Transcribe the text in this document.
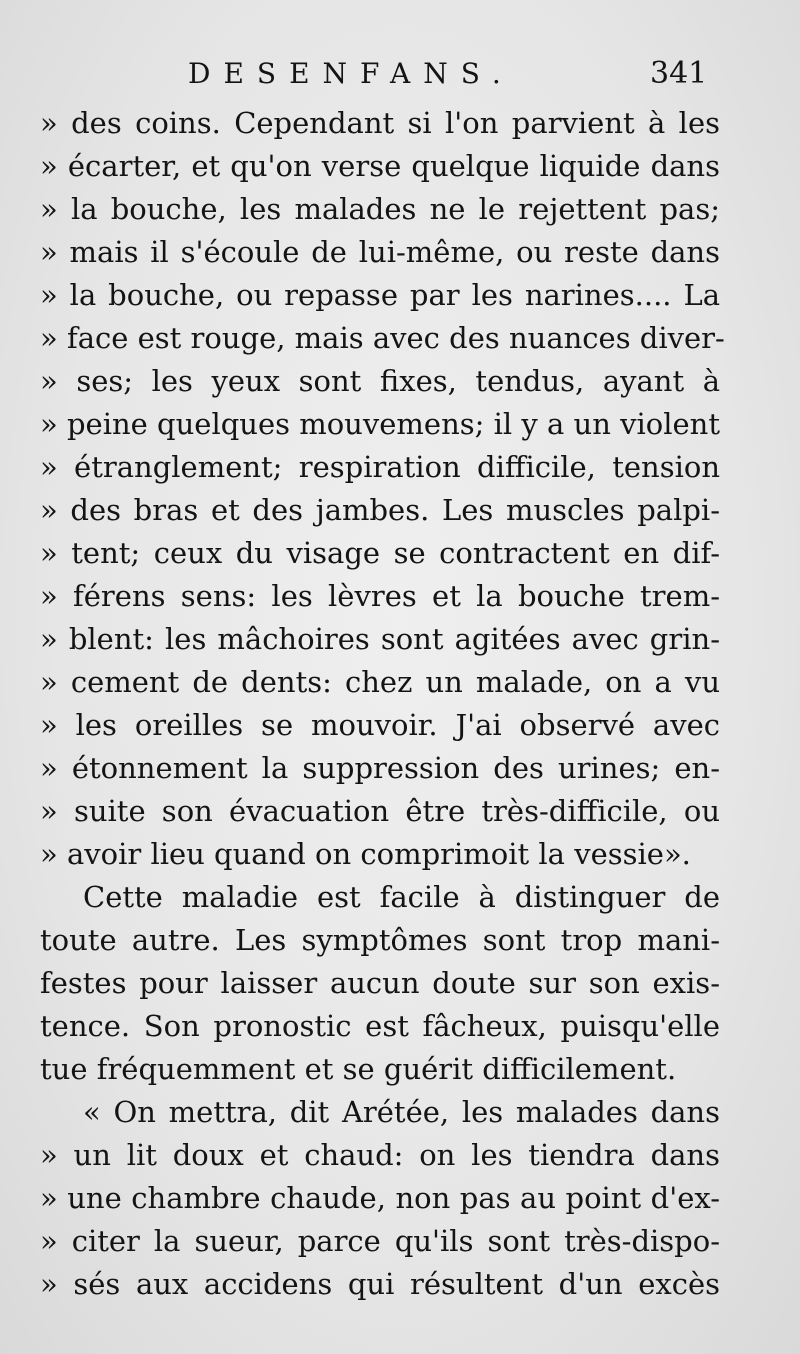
DESENFANS.	341
» des coins. Cependant si l'on parvient à les
» écarter, et qu'on verse quelque liquide dans
» la bouche, les malades ne le rejettent pas;
» mais il s'écoule de lui-même, ou reste dans
» la bouche, ou repasse par les narines.... La
» face est rouge, mais avec des nuances diver-
» ses; les yeux sont fixes, tendus, ayant à
» peine quelques mouvemens; il y a un violent
» étranglement; respiration difficile, tension
» des bras et des jambes. Les muscles palpi-
» tent; ceux du visage se contractent en dif-
» férens sens: les lèvres et la bouche trem-
» blent: les mâchoires sont agitées avec grin-
» cement de dents: chez un malade, on a vu
» les oreilles se mouvoir. J'ai observé avec
» étonnement la suppression des urines; en-
» suite son évacuation être très-difficile, ou
» avoir lieu quand on comprimoit la vessie».
Cette maladie est facile à distinguer de
toute autre. Les symptômes sont trop mani-
festes pour laisser aucun doute sur son exis-
tence. Son pronostic est fâcheux, puisqu'elle
tue fréquemment et se guérit difficilement.
« On mettra, dit Arétée, les malades dans
» un lit doux et chaud: on les tiendra dans
» une chambre chaude, non pas au point d'ex-
» citer la sueur, parce qu'ils sont très-dispo-
» sés aux accidens qui résultent d'un excès
